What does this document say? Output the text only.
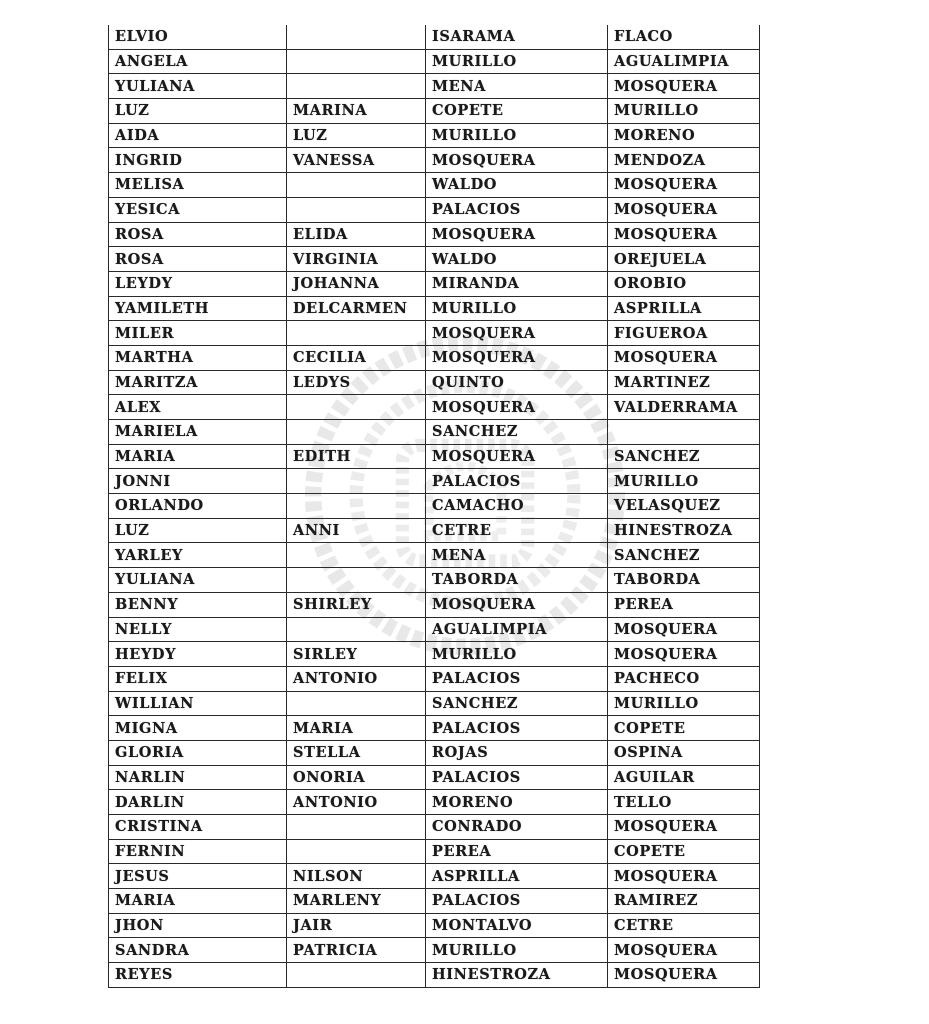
ELVIO		ISARAMA	FLACO
ANGELA		MURILLO	AGUALIMPIA
YULIANA		MENA	MOSQUERA
LUZ	MARINA	COPETE	MURILLO
AIDA	LUZ	MURILLO	MORENO
INGRID	VANESSA	MOSQUERA	MENDOZA
MELISA		WALDO	MOSQUERA
YESICA		PALACIOS	MOSQUERA
ROSA	ELIDA	MOSQUERA	MOSQUERA
ROSA	VIRGINIA	WALDO	OREJUELA
LEYDY	JOHANNA	MIRANDA	OROBIO
YAMILETH	DELCARMEN	MURILLO	ASPRILLA
MILER		MOSQUERA	FIGUEROA
MARTHA	CECILIA	MOSQUERA	MOSQUERA
MARITZA	LEDYS	QUINTO	MARTINEZ
ALEX		MOSQUERA	VALDERRAMA
MARIELA		SANCHEZ	
MARIA	EDITH	MOSQUERA	SANCHEZ
JONNI		PALACIOS	MURILLO
ORLANDO		CAMACHO	VELASQUEZ
LUZ	ANNI	CETRE	HINESTROZA
YARLEY		MENA	SANCHEZ
YULIANA		TABORDA	TABORDA
BENNY	SHIRLEY	MOSQUERA	PEREA
NELLY		AGUALIMPIA	MOSQUERA
HEYDY	SIRLEY	MURILLO	MOSQUERA
FELIX	ANTONIO	PALACIOS	PACHECO
WILLIAN		SANCHEZ	MURILLO
MIGNA	MARIA	PALACIOS	COPETE
GLORIA	STELLA	ROJAS	OSPINA
NARLIN	ONORIA	PALACIOS	AGUILAR
DARLIN	ANTONIO	MORENO	TELLO
CRISTINA		CONRADO	MOSQUERA
FERNIN		PEREA	COPETE
JESUS	NILSON	ASPRILLA	MOSQUERA
MARIA	MARLENY	PALACIOS	RAMIREZ
JHON	JAIR	MONTALVO	CETRE
SANDRA	PATRICIA	MURILLO	MOSQUERA
REYES		HINESTROZA	MOSQUERA
